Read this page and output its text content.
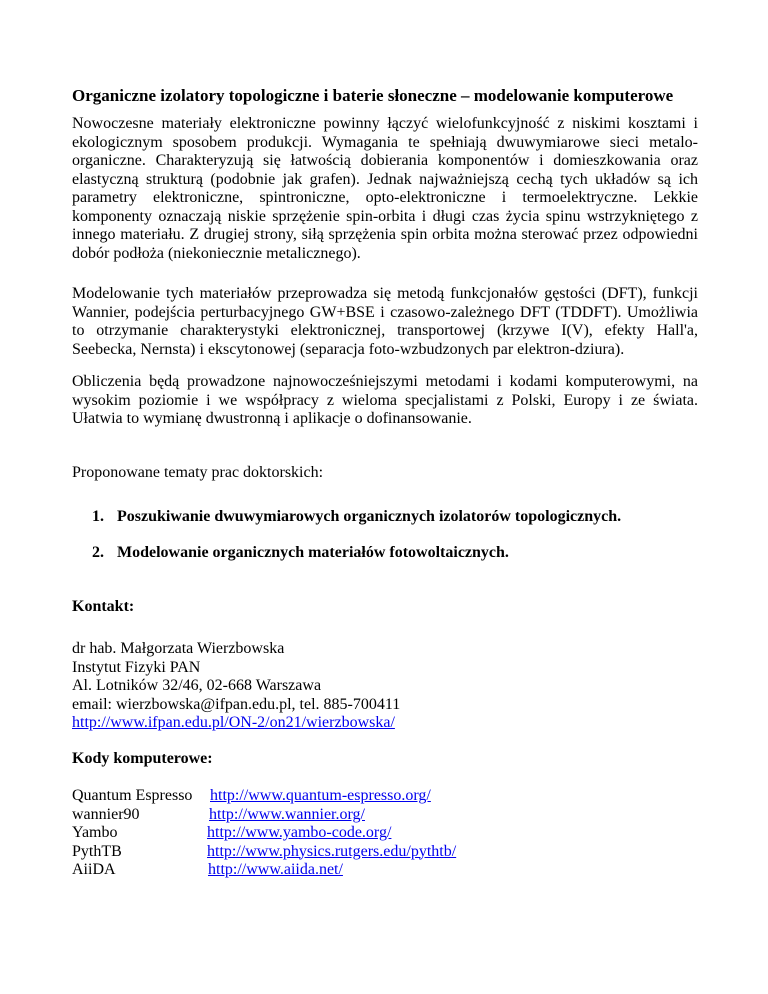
Organiczne izolatory topologiczne i baterie słoneczne – modelowanie komputerowe
Nowoczesne materiały elektroniczne powinny łączyć wielofunkcyjność z niskimi kosztami i ekologicznym sposobem produkcji. Wymagania te spełniają dwuwymiarowe sieci metalo-organiczne. Charakteryzują się łatwością dobierania komponentów i domieszkowania oraz elastyczną strukturą (podobnie jak grafen). Jednak najważniejszą cechą tych układów są ich parametry elektroniczne, spintroniczne, opto-elektroniczne i termoelektryczne. Lekkie komponenty oznaczają niskie sprzężenie spin-orbita i długi czas życia spinu wstrzykniętego z innego materiału. Z drugiej strony, siłą sprzężenia spin orbita można sterować przez odpowiedni dobór podłoża (niekoniecznie metalicznego).
Modelowanie tych materiałów przeprowadza się metodą funkcjonałów gęstości (DFT), funkcji Wannier, podejścia perturbacyjnego GW+BSE i czasowo-zależnego DFT (TDDFT). Umożliwia to otrzymanie charakterystyki elektronicznej, transportowej (krzywe I(V), efekty Hall'a, Seebecka, Nernsta) i ekscytonowej (separacja foto-wzbudzonych par elektron-dziura).
Obliczenia będą prowadzone najnowocześniejszymi metodami i kodami komputerowymi, na wysokim poziomie i we współpracy z wieloma specjalistami z Polski, Europy i ze świata. Ułatwia to wymianę dwustronną i aplikacje o dofinansowanie.
Proponowane tematy prac doktorskich:
1. Poszukiwanie dwuwymiarowych organicznych izolatorów topologicznych.
2. Modelowanie organicznych materiałów fotowoltaicznych.
Kontakt:
dr hab. Małgorzata Wierzbowska
Instytut Fizyki PAN
Al. Lotników 32/46, 02-668 Warszawa
email: wierzbowska@ifpan.edu.pl, tel. 885-700411
http://www.ifpan.edu.pl/ON-2/on21/wierzbowska/
Kody komputerowe:
Quantum Espresso http://www.quantum-espresso.org/
wannier90	http://www.wannier.org/
Yambo	http://www.yambo-code.org/
PythTB	http://www.physics.rutgers.edu/pythtb/
AiiDA	http://www.aiida.net/
